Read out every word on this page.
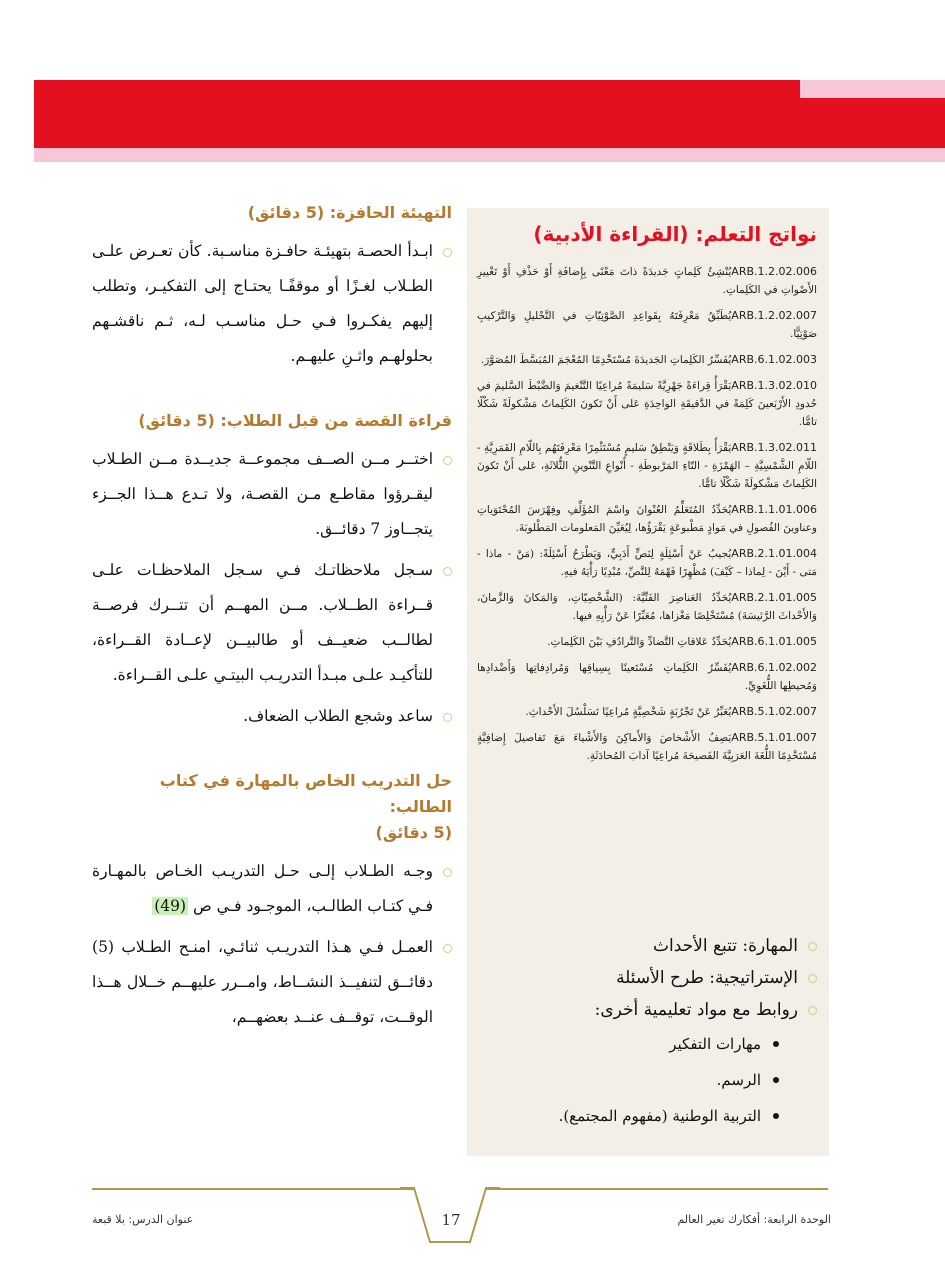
نواتج التعلم: (القراءة الأدبية)

ARB.1.2.02.006يُنْشِئُ كَلِماتٍ جَديدَةً ذاتَ مَعْنًى بِإِضافَةِ أَوْ حَذْفِ أَوْ تَغْييرِ الأَصْواتِ في الكَلِماتِ.

ARB.1.2.02.007يُطَبِّقُ مَعْرِفَتَهُ بِقَواعِدِ الصَّوْتِيّاتِ في التَّحْليلِ وَالتَّرْكيبِ صَوْتِيًّا.

ARB.6.1.02.003يُفَسِّرُ الكَلِماتِ الجَديدَةَ مُسْتَخْدِمًا المُعْجَمَ المُبَسَّطَ المُصَوَّرَ.

ARB.1.3.02.010يَقْرَأُ قِراءَةً جَهْرِيَّةً سَليمَةً مُراعِيًا التَّنْغيمَ وَالضَّبْطَ السَّليمَ في حُدودِ الأَرْبَعينَ كَلِمَةً في الدَّقيقَةِ الواحِدَةِ عَلى أَنْ تَكونَ الكَلِماتُ مَشْكولَةً شَكْلًا تامًّا.

ARB.1.3.02.011يَقْرَأُ بِطَلاقَةٍ وَيَنْطِقُ سَليمٍ مُسْتَثْمِرًا مَعْرِفَتَهُم بِاللّامِ القَمَرِيَّةِ - اللّامِ الشَّمْسِيَّةِ – الهَمْزَةِ - التّاءِ المَرْبوطَةِ - أَنْواعِ التَّنْوينِ الثُّلاثَةِ، عَلى أَنْ تَكونَ الكَلِماتُ مَشْكولَةً شَكْلًا تامًّا.

ARB.1.1.01.006يُحَدِّدُ المُتَعَلِّمُ العُنْوانَ واسْمَ المُؤَلِّفِ وفِهْرَسَ المُحْتَوَياتِ وعناوينَ الفُصولِ في مَوادٍ مَطْبوعَةٍ يَقْرَؤُها، لِيُعَيِّنَ المَعلومات المَطْلوبَةَ.

ARB.2.1.01.004يُجيبُ عَنْ أَسْئِلَةٍ لِنَصٍّ أَدَبِيٍّ، وَيَطْرَحُ أَسْئِلَةً: (مَنْ - ماذا - مَتى - أَيْنَ - لِماذا – كَيْفَ) مُظْهِرًا فَهْمَهُ لِلنَّصِّ، مُبْدِيًا رَأْيَهُ فيهِ.

ARB.2.1.01.005يُحَدِّدُ العَناصِرَ الفَنِّيَّةَ: (الشَّخْصِيّاتِ، وَالمَكانَ وَالزَّمانَ، وَالأَحْداثَ الرَّئيسَةَ) مُسْتَخْلِصًا مَغْزاها، مُعَبِّرًا عَنْ رَأْيِهِ فيها.

ARB.6.1.01.005يُحَدِّدُ عَلاقاتِ التَّضادِّ وَالتَّرادُفِ بَيْنَ الكَلِماتِ.

ARB.6.1.02.002يُفَسِّرُ الكَلِماتِ مُسْتَعينًا بِسِياقِها وَمُرادِفاتِها وَأَضْدادِها وَمُحيطِها اللُّغَوِيِّ.

ARB.5.1.02.007يُعَبِّرُ عَنْ تَجْرُبَةٍ شَخْصِيَّةٍ مُراعِيًا تَسَلْسُلَ الأَحْداثِ.

ARB.5.1.01.007يَصِفُ الأَشْخاصَ وَالأَماكِنَ وَالأَشْياءَ مَعَ تَفاصيلَ إِضافِيَّةٍ مُسْتَخْدِمًا اللُّغَةَ العَرَبِيَّةَ الفَصيحَةَ مُراعِيًا آدابَ المُحادَثَةِ.

المهارة: تتبع الأحداث
الإستراتيجية: طرح الأسئلة
روابط مع مواد تعليمية أخرى:
مهارات التفكير
الرسم.
التربية الوطنية (مفهوم المجتمع).
التهيئة الحافزة: (5 دقائق)
ابـدأ الحصـة بتهيئـة حافـزة مناسـبة. كأن تعـرض علـى الطـلاب لغـزًا أو موقفًـا يحتـاج إلى التفكيـر، وتطلب إليهم يفكـروا فـي حـل مناسـب لـه، ثـم ناقشـهم بحلولهـم واثـنِ عليهـم.
قراءة القصة من قبل الطلاب: (5 دقائق)
اختــر مــن الصــف مجموعــة جديــدة مــن الطـلاب ليقـرؤوا مقاطـع مـن القصـة، ولا تـدع هــذا الجــزء يتجــاوز 7 دقائــق.
سـجل ملاحظاتـك فـي سـجل الملاحظـات علـى قــراءة الطــلاب. مــن المهــم أن تتــرك فرصــة لطالــب ضعيــف أو طالبيــن لإعــادة القــراءة، للتأكيـد علـى مبـدأ التدريـب البيتـي علـى القــراءة.
ساعد وشجع الطلاب الضعاف.
حل التدريب الخاص بالمهارة في كتاب الطالب:
(5 دقائق)
وجـه الطـلاب إلـى حـل التدريـب الخـاص بالمهـارة فـي كتـاب الطالـب، الموجـود فـي ص (49)
العمـل فـي هـذا التدريـب ثنائـي، امنـح الطـلاب (5) دقائــق لتنفيــذ النشــاط، وامــرر عليهــم خــلال هــذا الوقــت، توقــف عنــد بعضهــم،
17	الوحدة الرابعة: أفكارك تغير العالم
عنوان الدرس: بلا قبعة
